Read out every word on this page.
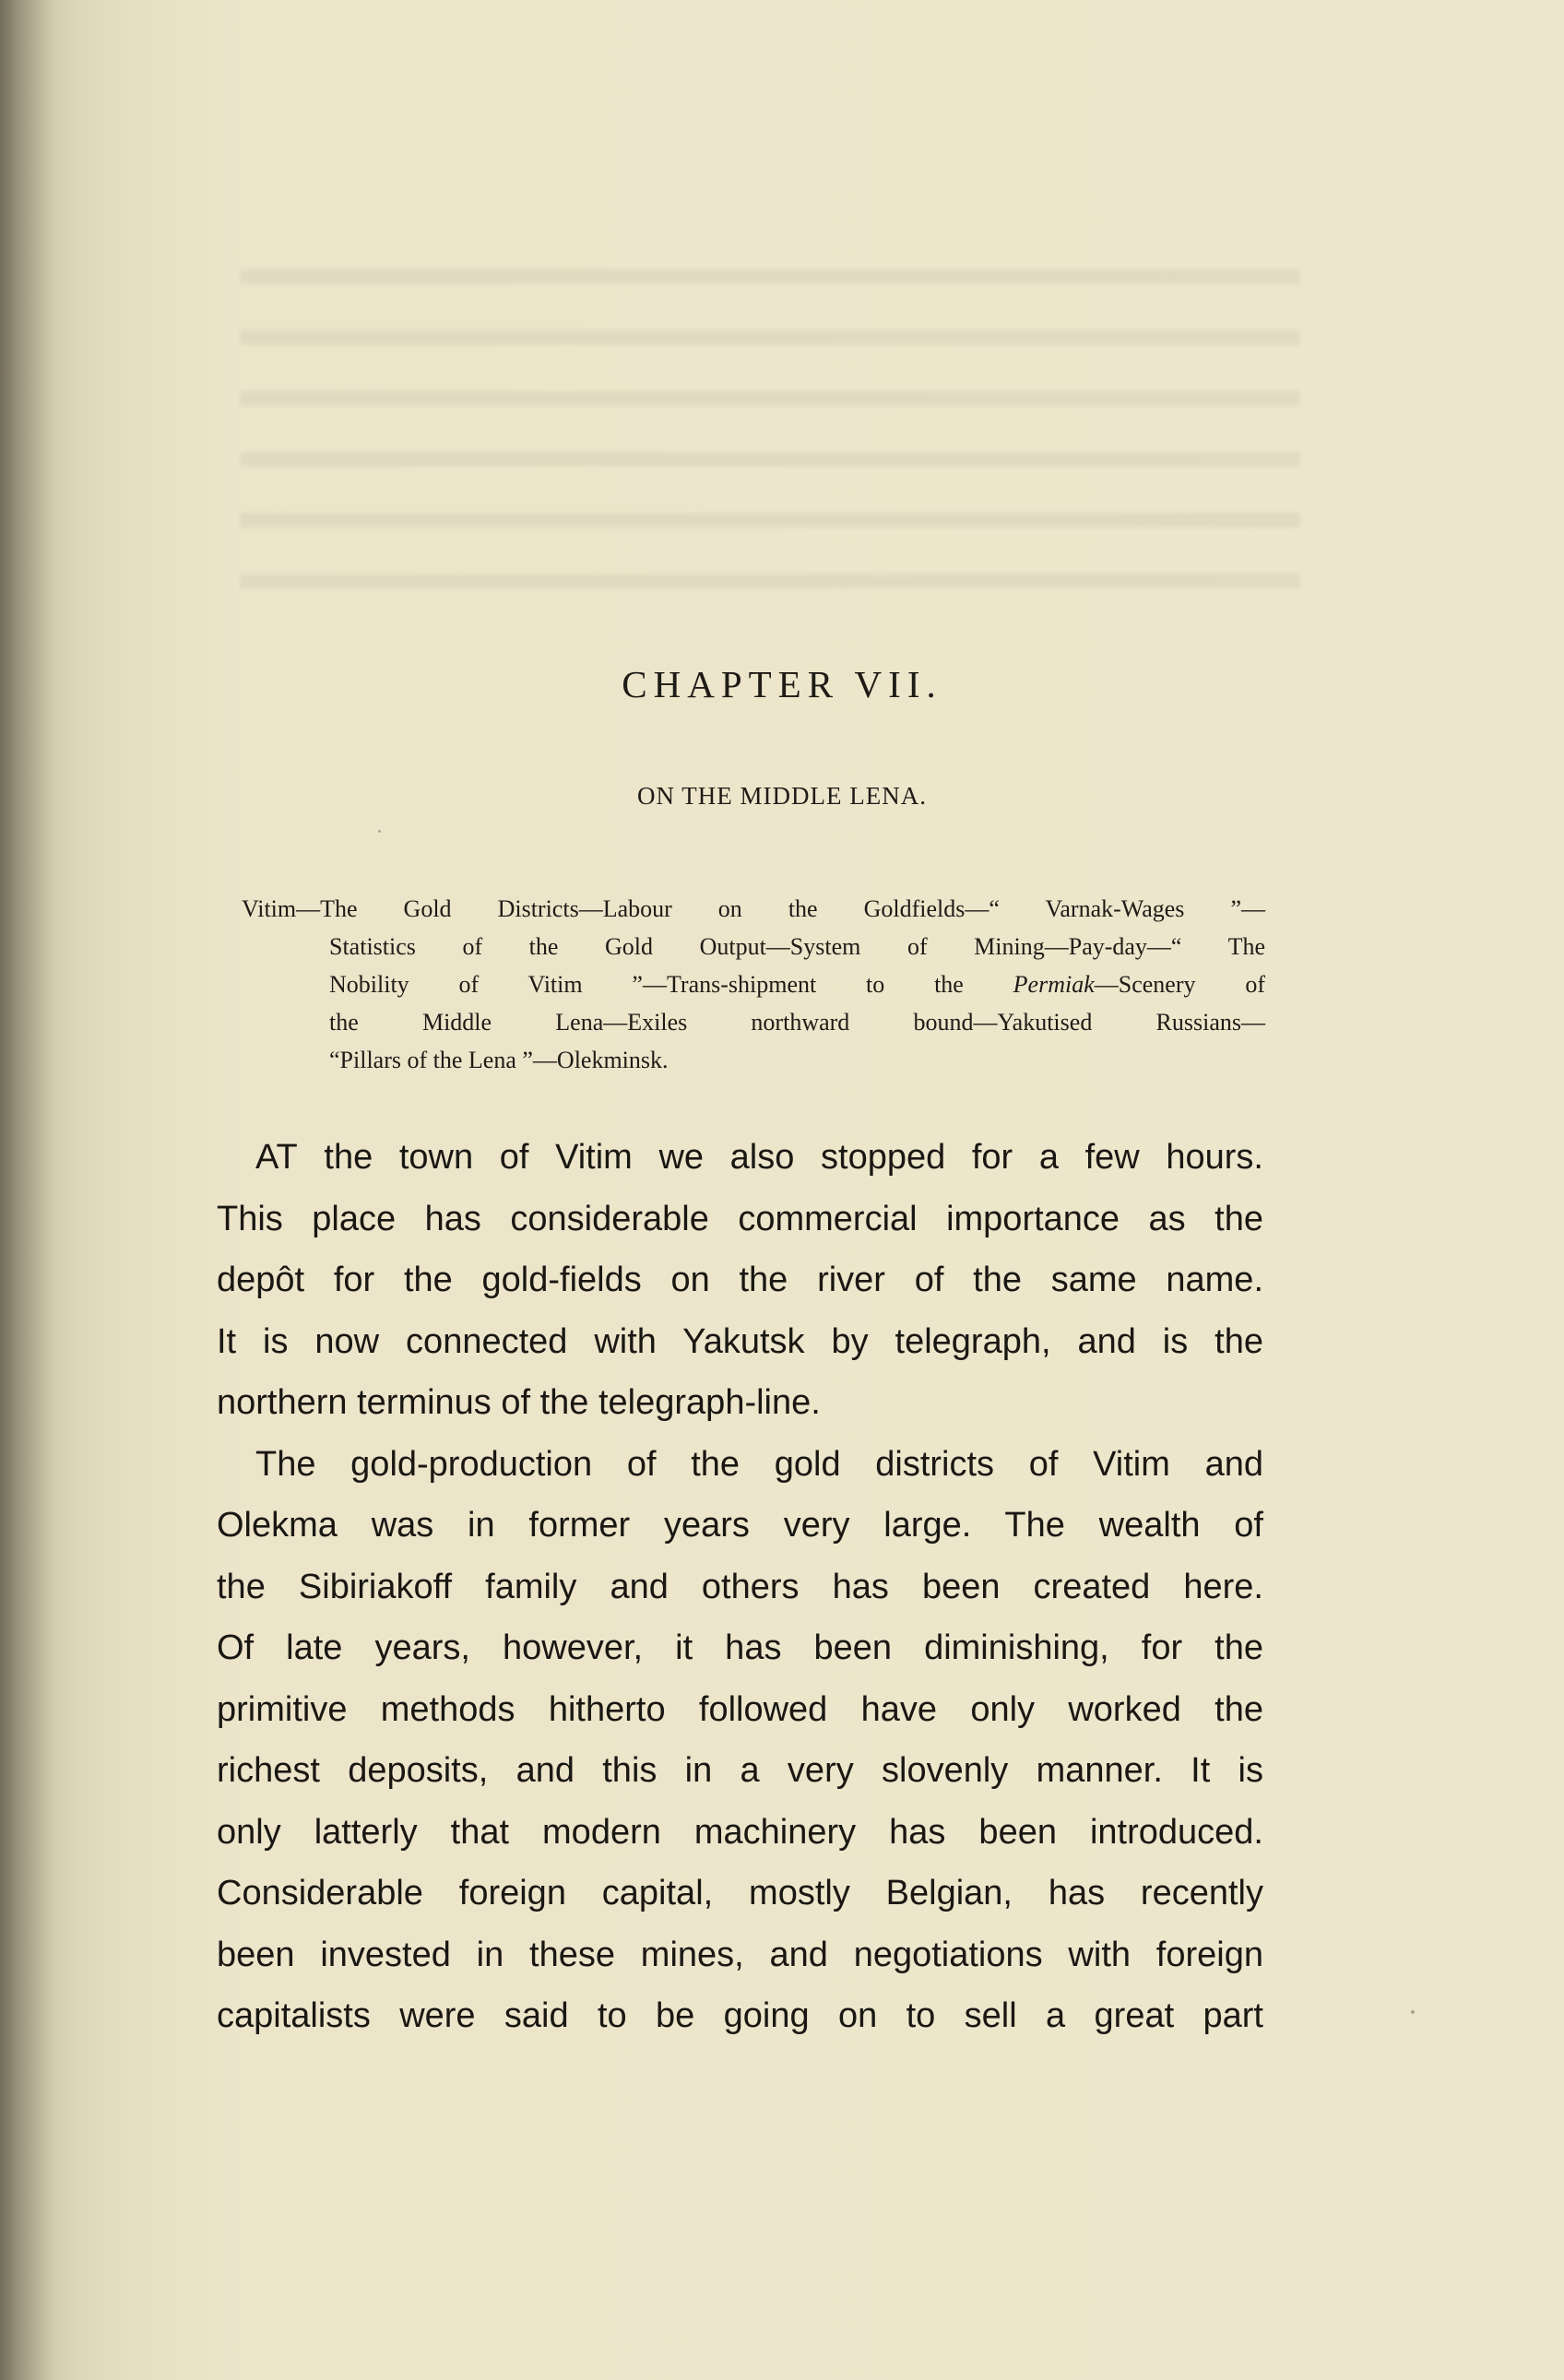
CHAPTER VII.
ON THE MIDDLE LENA.
Vitim—The Gold Districts—Labour on the Goldfields—“ Varnak-Wages ”—
Statistics of the Gold Output—System of Mining—Pay-day—“ The
Nobility of Vitim ”—Trans-shipment to the Permiak—Scenery of
the Middle Lena—Exiles northward bound—Yakutised Russians—
“Pillars of the Lena ”—Olekminsk.
AT the town of Vitim we also stopped for a few hours.
This place has considerable commercial importance as the
depôt for the gold-fields on the river of the same name.
It is now connected with Yakutsk by telegraph, and is the
northern terminus of the telegraph-line.
The gold-production of the gold districts of Vitim and
Olekma was in former years very large. The wealth of
the Sibiriakoff family and others has been created here.
Of late years, however, it has been diminishing, for the
primitive methods hitherto followed have only worked the
richest deposits, and this in a very slovenly manner. It is
only latterly that modern machinery has been introduced.
Considerable foreign capital, mostly Belgian, has recently
been invested in these mines, and negotiations with foreign
capitalists were said to be going on to sell a great part
